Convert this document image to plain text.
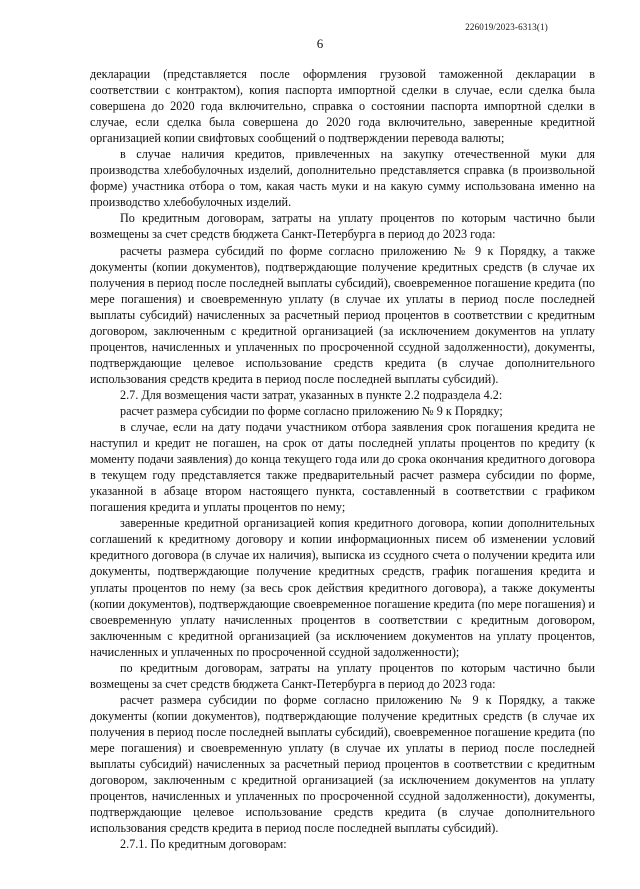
226019/2023-6313(1)
6

декларации (представляется после оформления грузовой таможенной декларации в соответствии с контрактом), копия паспорта импортной сделки в случае, если сделка была совершена до 2020 года включительно, справка о состоянии паспорта импортной сделки в случае, если сделка была совершена до 2020 года включительно, заверенные кредитной организацией копии свифтовых сообщений о подтверждении перевода валюты;

в случае наличия кредитов, привлеченных на закупку отечественной муки для производства хлебобулочных изделий, дополнительно представляется справка (в произвольной форме) участника отбора о том, какая часть муки и на какую сумму использована именно на производство хлебобулочных изделий.

По кредитным договорам, затраты на уплату процентов по которым частично были возмещены за счет средств бюджета Санкт-Петербурга в период до 2023 года:

расчеты размера субсидий по форме согласно приложению № 9 к Порядку, а также документы (копии документов), подтверждающие получение кредитных средств (в случае их получения в период после последней выплаты субсидий), своевременное погашение кредита (по мере погашения) и своевременную уплату (в случае их уплаты в период после последней выплаты субсидий) начисленных за расчетный период процентов в соответствии с кредитным договором, заключенным с кредитной организацией (за исключением документов на уплату процентов, начисленных и уплаченных по просроченной ссудной задолженности), документы, подтверждающие целевое использование средств кредита (в случае дополнительного использования средств кредита в период после последней выплаты субсидий).

2.7. Для возмещения части затрат, указанных в пункте 2.2 подраздела 4.2:

расчет размера субсидии по форме согласно приложению № 9 к Порядку;

в случае, если на дату подачи участником отбора заявления срок погашения кредита не наступил и кредит не погашен, на срок от даты последней уплаты процентов по кредиту (к моменту подачи заявления) до конца текущего года или до срока окончания кредитного договора в текущем году представляется также предварительный расчет размера субсидии по форме, указанной в абзаце втором настоящего пункта, составленный в соответствии с графиком погашения кредита и уплаты процентов по нему;

заверенные кредитной организацией копия кредитного договора, копии дополнительных соглашений к кредитному договору и копии информационных писем об изменении условий кредитного договора (в случае их наличия), выписка из ссудного счета о получении кредита или документы, подтверждающие получение кредитных средств, график погашения кредита и уплаты процентов по нему (за весь срок действия кредитного договора), а также документы (копии документов), подтверждающие своевременное погашение кредита (по мере погашения) и своевременную уплату начисленных процентов в соответствии с кредитным договором, заключенным с кредитной организацией (за исключением документов на уплату процентов, начисленных и уплаченных по просроченной ссудной задолженности);

по кредитным договорам, затраты на уплату процентов по которым частично были возмещены за счет средств бюджета Санкт-Петербурга в период до 2023 года:

расчет размера субсидии по форме согласно приложению № 9 к Порядку, а также документы (копии документов), подтверждающие получение кредитных средств (в случае их получения в период после последней выплаты субсидий), своевременное погашение кредита (по мере погашения) и своевременную уплату (в случае их уплаты в период после последней выплаты субсидий) начисленных за расчетный период процентов в соответствии с кредитным договором, заключенным с кредитной организацией (за исключением документов на уплату процентов, начисленных и уплаченных по просроченной ссудной задолженности), документы, подтверждающие целевое использование средств кредита (в случае дополнительного использования средств кредита в период после последней выплаты субсидий).

2.7.1. По кредитным договорам:
